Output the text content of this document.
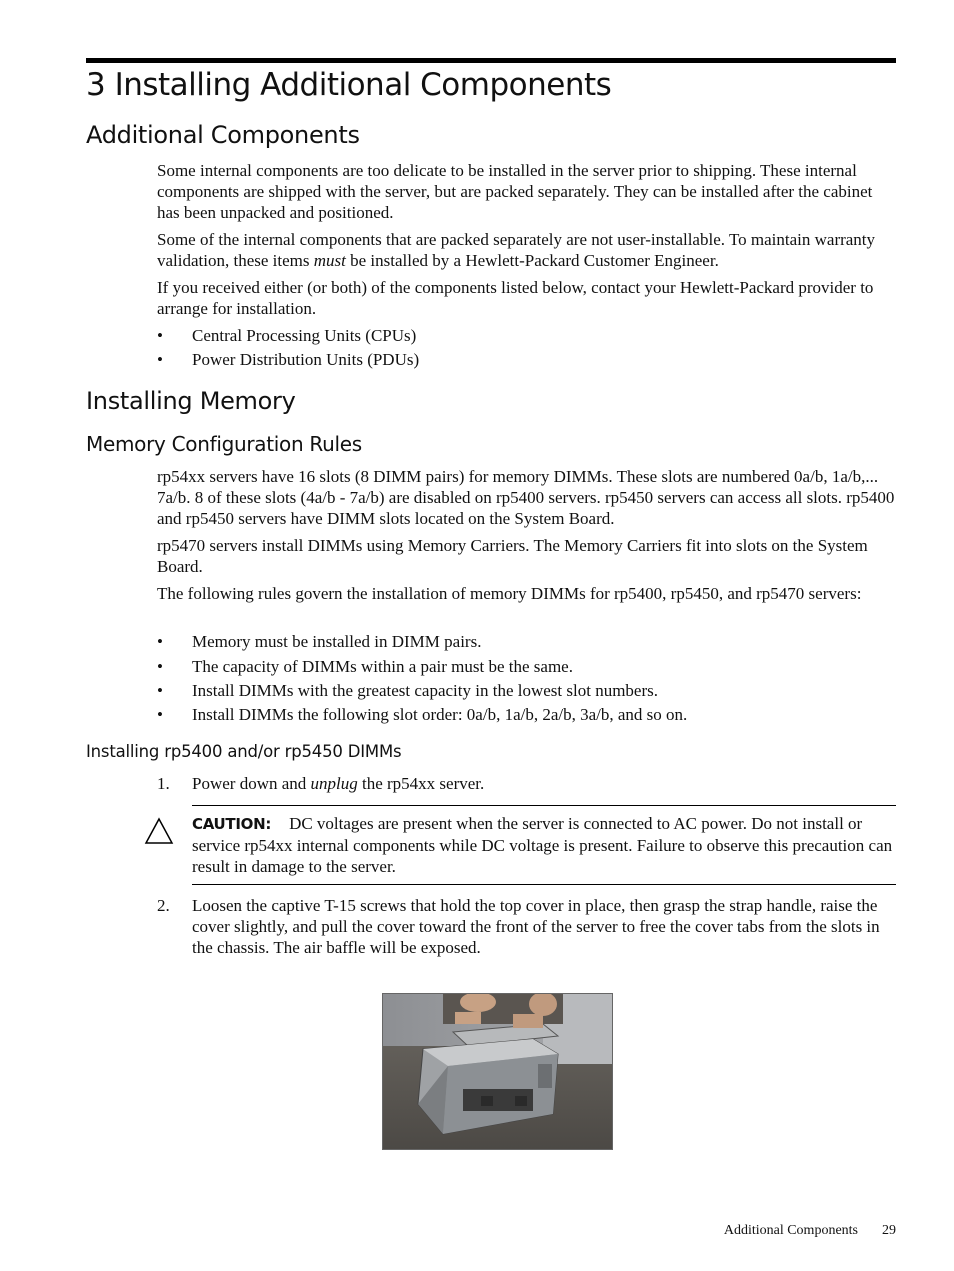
3 Installing Additional Components
Additional Components

Some internal components are too delicate to be installed in the server prior to shipping. These internal components are shipped with the server, but are packed separately. They can be installed after the cabinet has been unpacked and positioned.

Some of the internal components that are packed separately are not user-installable. To maintain warranty validation, these items must be installed by a Hewlett-Packard Customer Engineer.

If you received either (or both) of the components listed below, contact your Hewlett-Packard provider to arrange for installation.

•	Central Processing Units (CPUs)
•	Power Distribution Units (PDUs)
Installing Memory
Memory Configuration Rules

rp54xx servers have 16 slots (8 DIMM pairs) for memory DIMMs. These slots are numbered 0a/b, 1a/b,... 7a/b. 8 of these slots (4a/b - 7a/b) are disabled on rp5400 servers. rp5450 servers can access all slots. rp5400 and rp5450 servers have DIMM slots located on the System Board.

rp5470 servers install DIMMs using Memory Carriers. The Memory Carriers fit into slots on the System Board.

The following rules govern the installation of memory DIMMs for rp5400, rp5450, and rp5470 servers:

•	Memory must be installed in DIMM pairs.
•	The capacity of DIMMs within a pair must be the same.
•	Install DIMMs with the greatest capacity in the lowest slot numbers.
•	Install DIMMs the following slot order: 0a/b, 1a/b, 2a/b, 3a/b, and so on.
Installing rp5400 and/or rp5450 DIMMs
1. Power down and unplug the rp54xx server.
CAUTION: DC voltages are present when the server is connected to AC power. Do not install or service rp54xx internal components while DC voltage is present. Failure to observe this precaution can result in damage to the server.
2. Loosen the captive T-15 screws that hold the top cover in place, then grasp the strap handle, raise the cover slightly, and pull the cover toward the front of the server to free the cover tabs from the slots in the chassis. The air baffle will be exposed.
Additional Components 29
